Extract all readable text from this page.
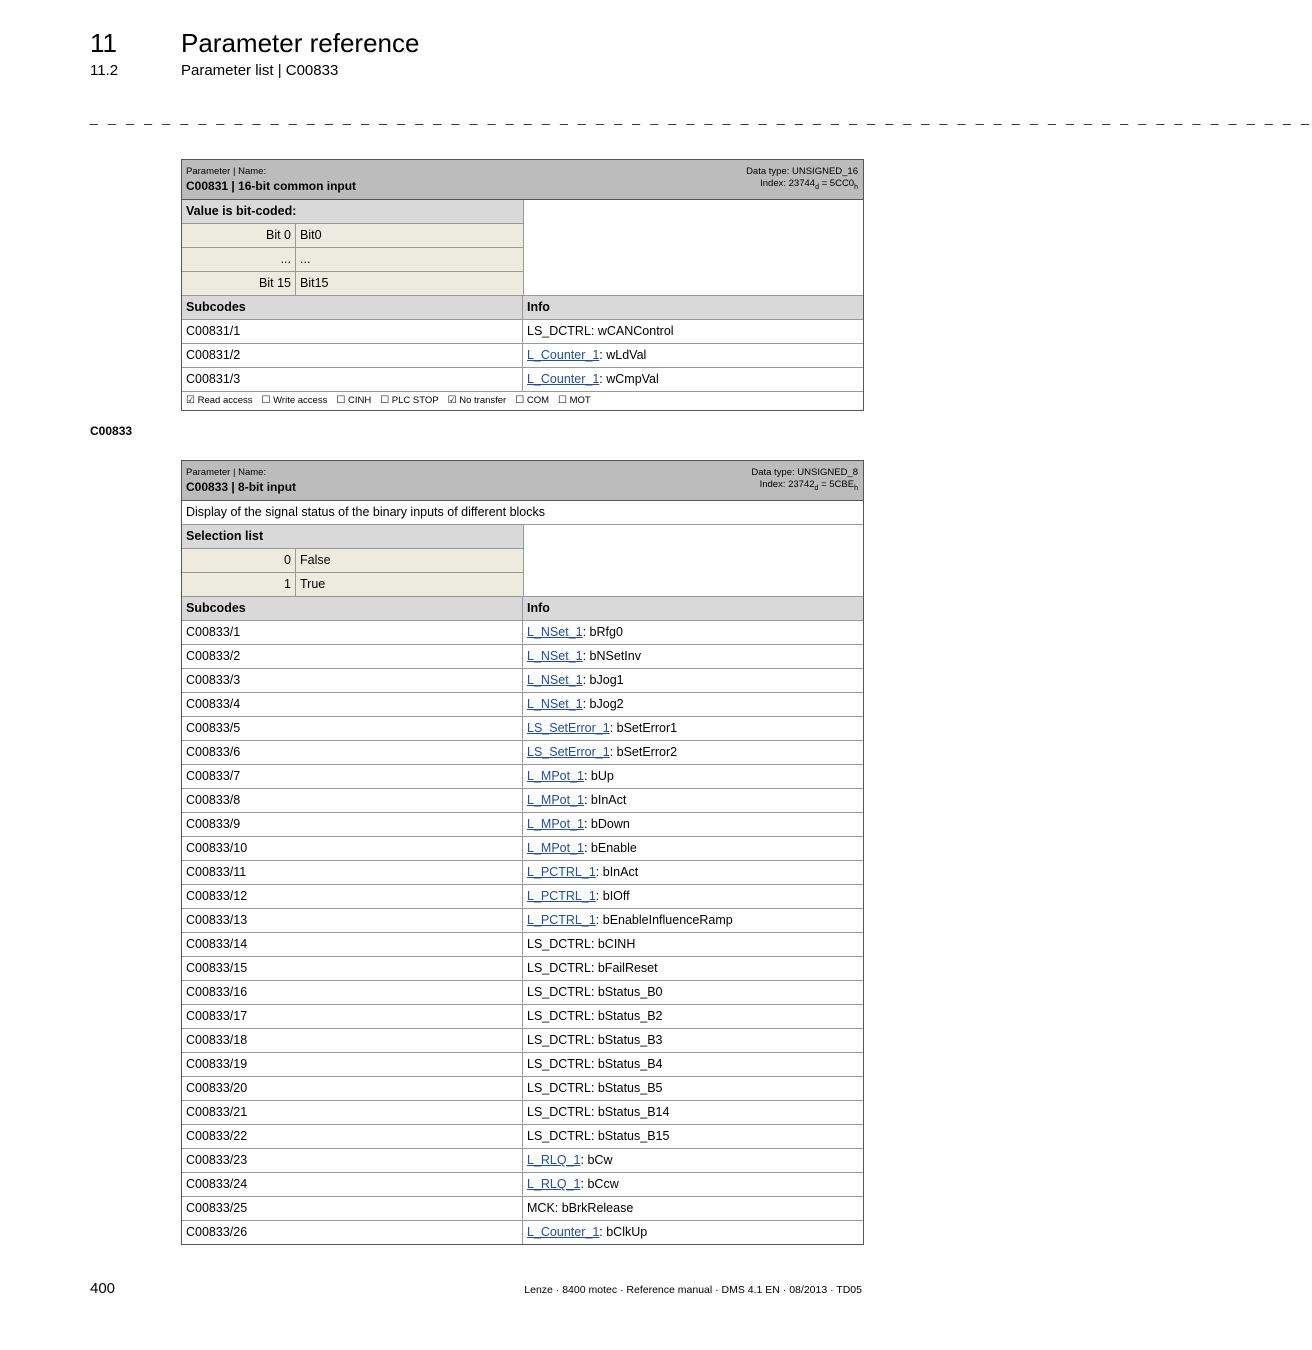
11 Parameter reference
11.2	Parameter list | C00833
_ _ _ _ _ _ _ _ _ _ _ _ _ _ _ _ _ _ _ _ _ _ _ _ _ _ _ _ _ _ _ _ _ _ _ _ _ _ _ _ _ _ _ _ _ _ _ _ _ _ _ _ _ _ _ _ _ _ _ _ _ _ _ _ _ _ _ _
Parameter | Name:
C00831 | 16-bit common input
Data type: UNSIGNED_16
Index: $23744_d = 5CC0_h$
Value is bit-coded:
Bit 0 Bit0
... ...
Bit 15 Bit15
Subcodes	Info
C00831/1	LS_DCTRL: wCANControl
C00831/2	L_Counter_1: wLdVal
C00831/3	L_Counter_1: wCmpVal
☑ Read access ☐ Write access ☐ CINH ☐ PLC STOP ☑ No transfer ☐ COM ☐ MOT
C00833
Parameter | Name:
C00833 | 8-bit input
Data type: UNSIGNED_8
Index: $23742_d = 5CBE_h$
Display of the signal status of the binary inputs of different blocks
Selection list
0 False
1 True
Subcodes	Info
C00833/1	L_NSet_1: bRfg0
C00833/2	L_NSet_1: bNSetInv
C00833/3	L_NSet_1: bJog1
C00833/4	L_NSet_1: bJog2
C00833/5	LS_SetError_1: bSetError1
C00833/6	LS_SetError_1: bSetError2
C00833/7	L_MPot_1: bUp
C00833/8	L_MPot_1: bInAct
C00833/9	L_MPot_1: bDown
C00833/10	L_MPot_1: bEnable
C00833/11	L_PCTRL_1: bInAct
C00833/12	L_PCTRL_1: bIOff
C00833/13	L_PCTRL_1: bEnableInfluenceRamp
C00833/14	LS_DCTRL: bCINH
C00833/15	LS_DCTRL: bFailReset
C00833/16	LS_DCTRL: bStatus_B0
C00833/17	LS_DCTRL: bStatus_B2
C00833/18	LS_DCTRL: bStatus_B3
C00833/19	LS_DCTRL: bStatus_B4
C00833/20	LS_DCTRL: bStatus_B5
C00833/21	LS_DCTRL: bStatus_B14
C00833/22	LS_DCTRL: bStatus_B15
C00833/23	L_RLQ_1: bCw
C00833/24	L_RLQ_1: bCcw
C00833/25	MCK: bBrkRelease
C00833/26	L_Counter_1: bClkUp
400	Lenze · 8400 motec · Reference manual · DMS 4.1 EN · 08/2013 · TD05
